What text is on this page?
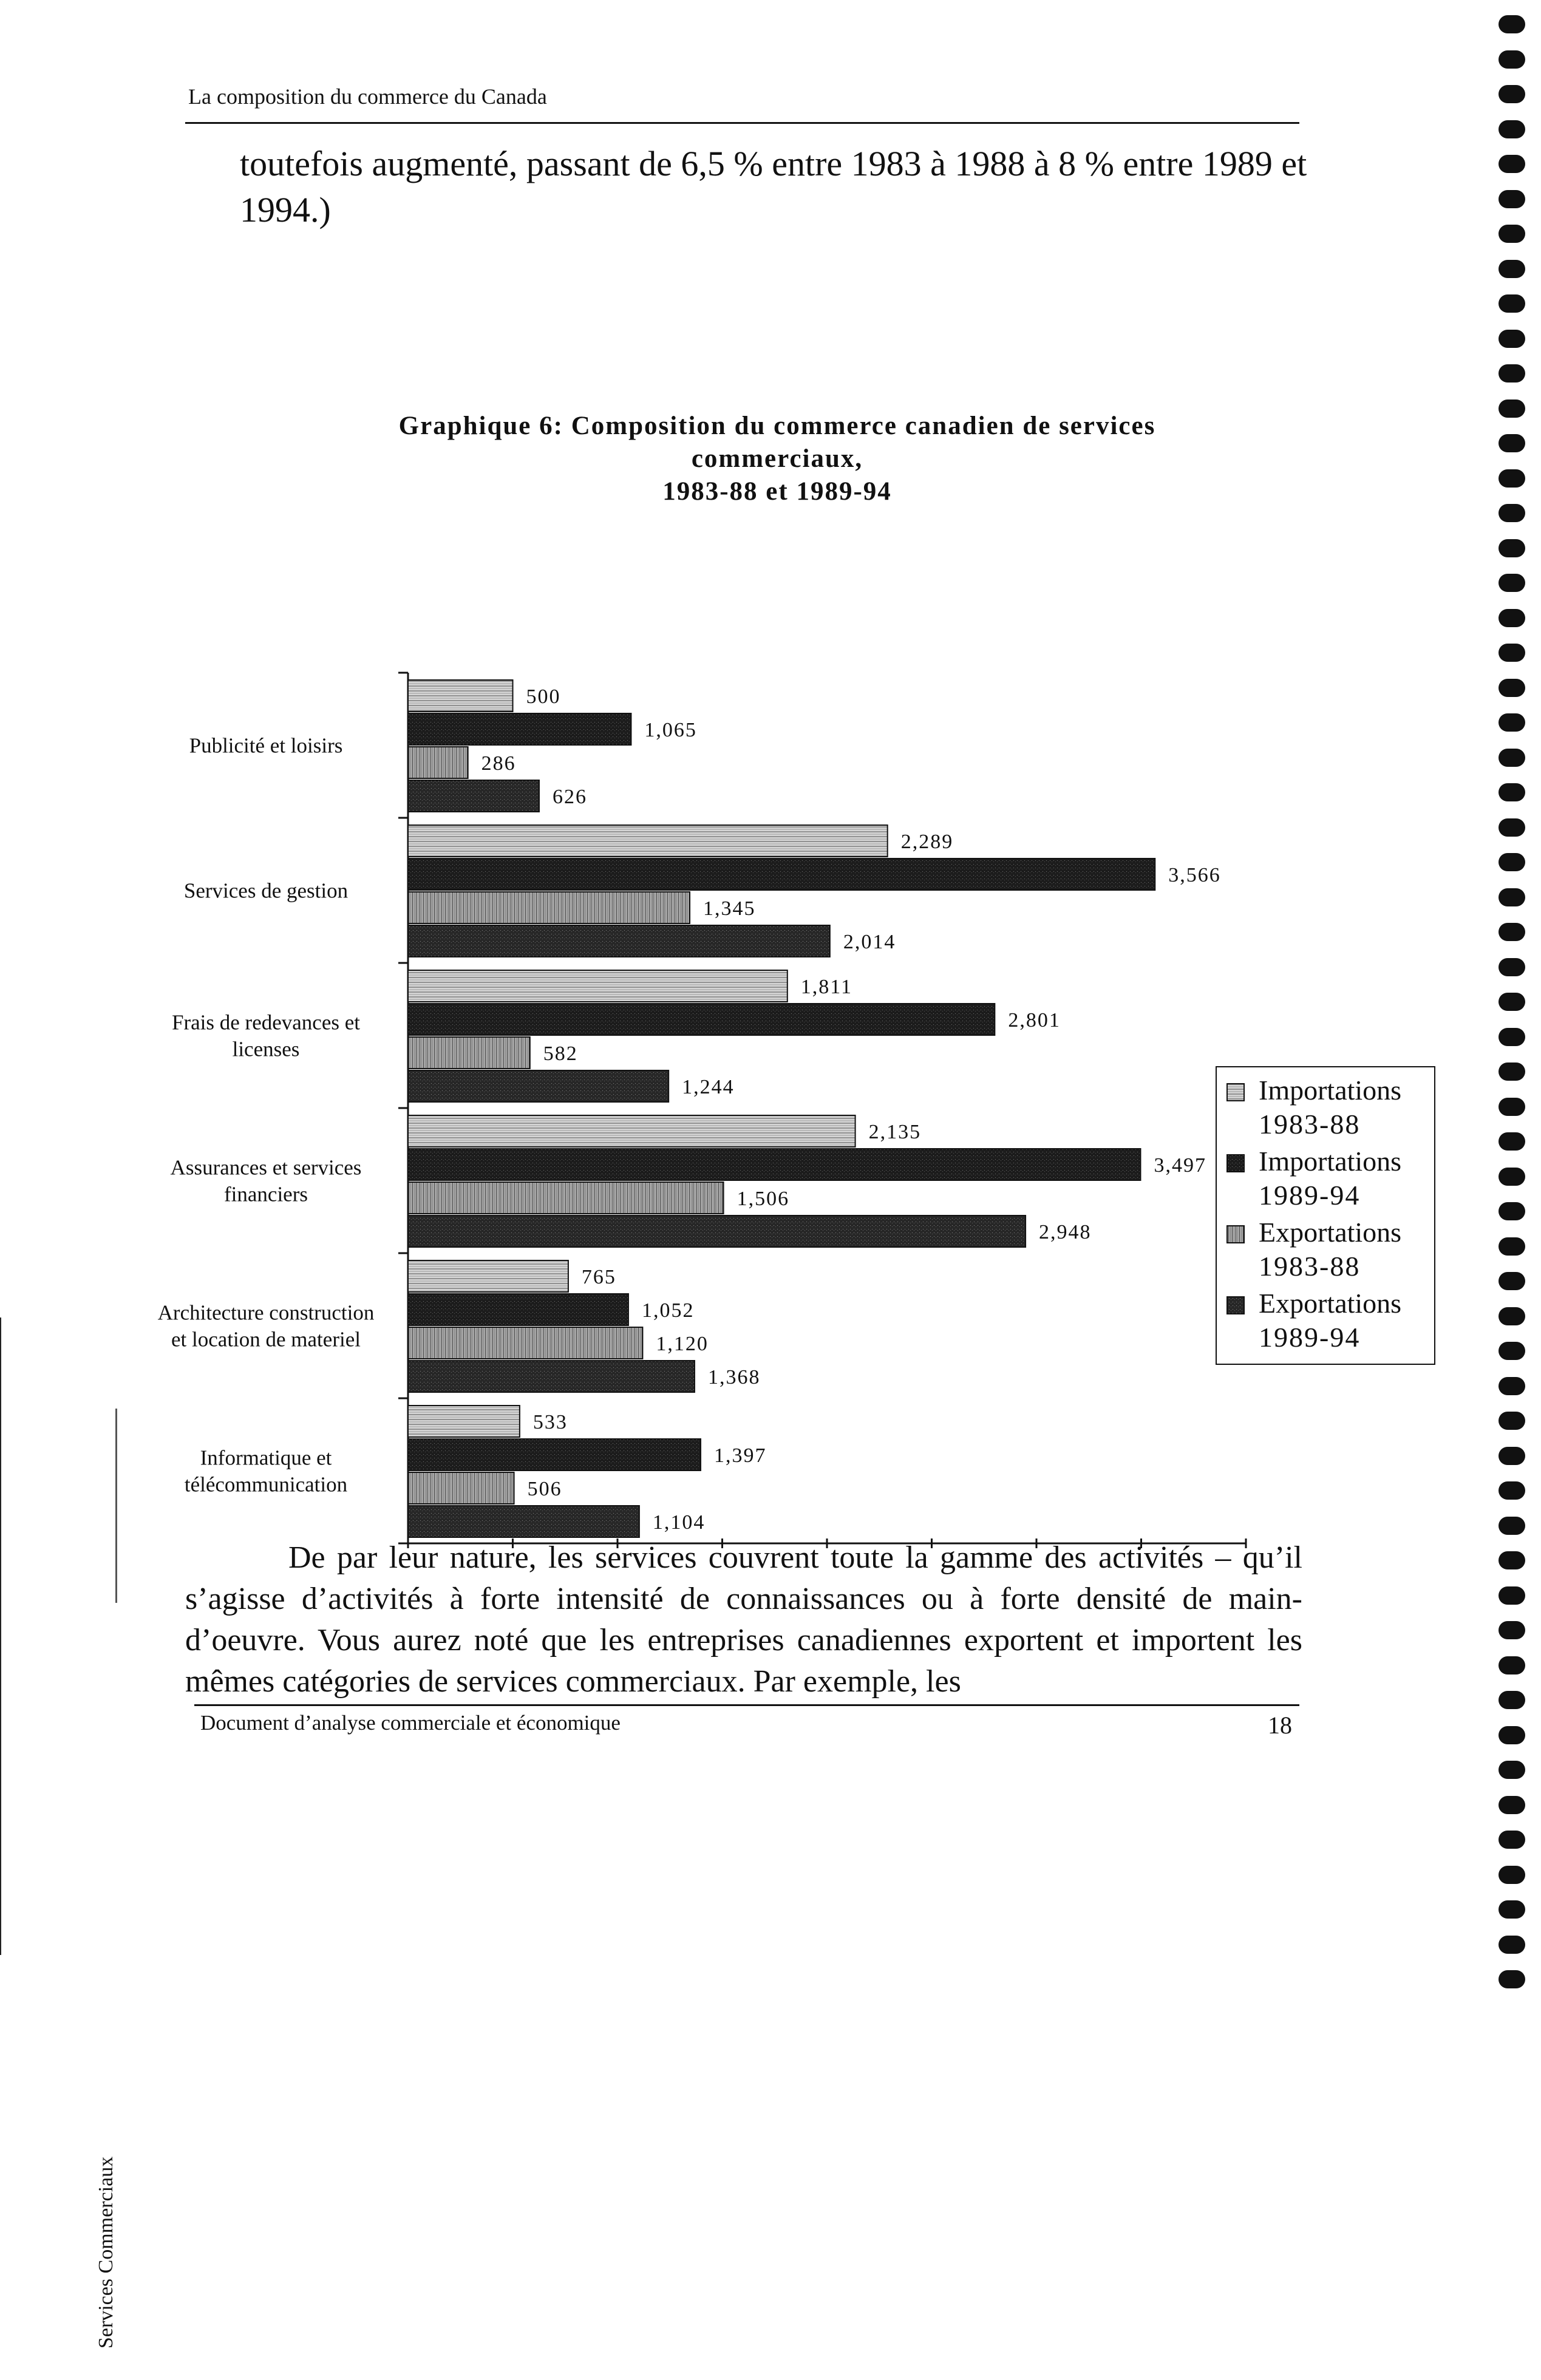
La composition du commerce du Canada
toutefois augmenté, passant de 6,5 % entre 1983 à 1988 à 8 % entre 1989 et 1994.)
Graphique 6: Composition du commerce canadien de services
commerciaux,
1983-88 et 1989-94
Services Commerciaux
500
1,065
286
626
2,289
3,566
1,345
2,014
1,811
2,801
582
1,244
2,135
3,497
1,506
2,948
765
1,052
1,120
1,368
533
1,397
506
1,104
Publicité et loisirs
Services de gestion
Frais de redevances et
licenses
Assurances et services
financiers
Architecture construction
et location de materiel
Informatique et
télécommunication
Importations
1983-88
Importations
1989-94
Exportations
1983-88
Exportations
1989-94
De par leur nature, les services couvrent toute la gamme des activités – qu’il s’agisse d’activités à forte intensité de connaissances ou à forte densité de main-d’oeuvre. Vous aurez noté que les entreprises canadiennes exportent et importent les mêmes catégories de services commerciaux. Par exemple, les
Document d’analyse commerciale et économique	18
